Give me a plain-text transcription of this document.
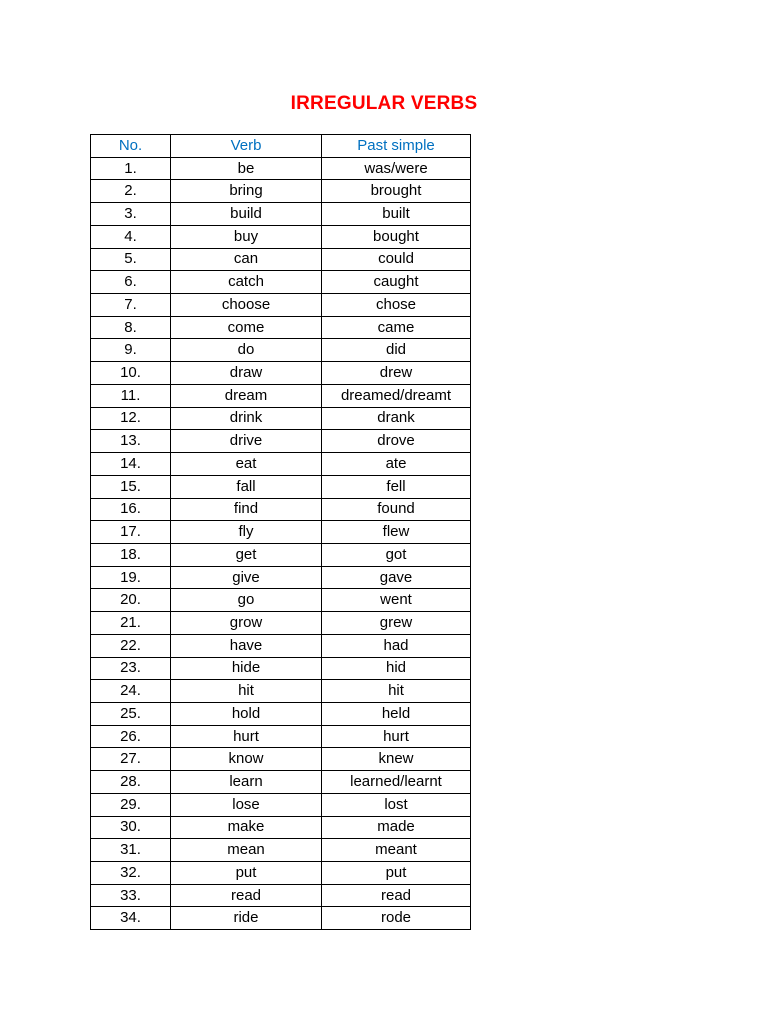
IRREGULAR VERBS
No.	Verb	Past simple
1.	be	was/were
2.	bring	brought
3.	build	built
4.	buy	bought
5.	can	could
6.	catch	caught
7.	choose	chose
8.	come	came
9.	do	did
10.	draw	drew
11.	dream	dreamed/dreamt
12.	drink	drank
13.	drive	drove
14.	eat	ate
15.	fall	fell
16.	find	found
17.	fly	flew
18.	get	got
19.	give	gave
20.	go	went
21.	grow	grew
22.	have	had
23.	hide	hid
24.	hit	hit
25.	hold	held
26.	hurt	hurt
27.	know	knew
28.	learn	learned/learnt
29.	lose	lost
30.	make	made
31.	mean	meant
32.	put	put
33.	read	read
34.	ride	rode
